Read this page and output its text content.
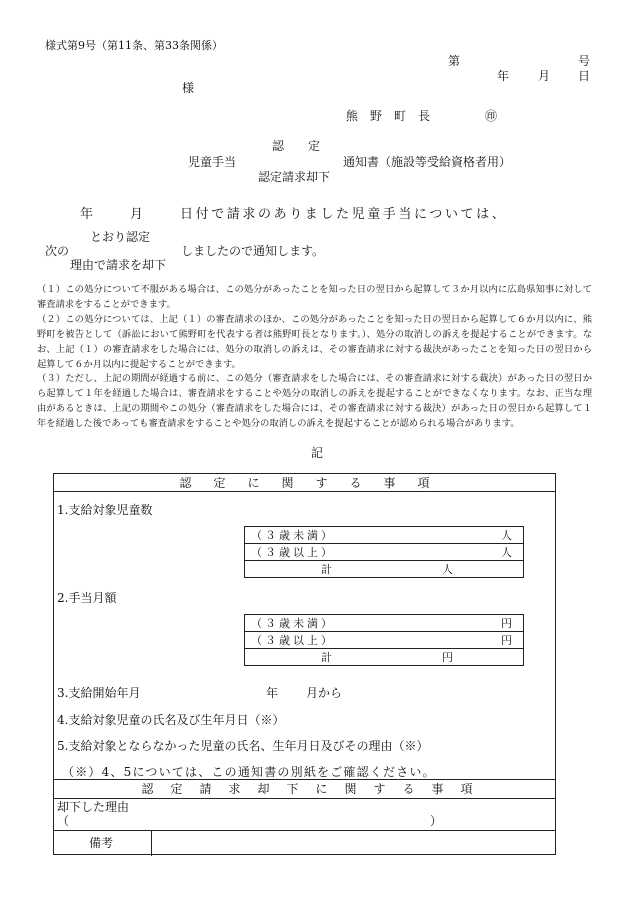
様式第9号（第11条、第33条関係）
第	号
年 月 日
様
熊　野　町　長	㊞
認　　定
児童手当	通知書（施設等受給資格者用）
認定請求却下
年	月	日付で請求のありました児童手当については、
とおり認定
次の	しましたので通知します。
理由で請求を却下

（１）この処分について不服がある場合は、この処分があったことを知った日の翌日から起算して３か月以内に広島県知事に対して審査請求をすることができます。

（２）この処分については、上記（１）の審査請求のほか、この処分があったことを知った日の翌日から起算して６か月以内に、熊野町を被告として（訴訟において熊野町を代表する者は熊野町長となります。）、処分の取消しの訴えを提起することができます。なお、上記（１）の審査請求をした場合には、処分の取消しの訴えは、その審査請求に対する裁決があったことを知った日の翌日から起算して６か月以内に提起することができます。

（３）ただし、上記の期間が経過する前に、この処分（審査請求をした場合には、その審査請求に対する裁決）があった日の翌日から起算して１年を経過した場合は、審査請求をすることや処分の取消しの訴えを提起することができなくなります。なお、正当な理由があるときは、上記の期間やこの処分（審査請求をした場合には、その審査請求に対する裁決）があった日の翌日から起算して１年を経過した後であっても審査請求をすることや処分の取消しの訴えを提起することが認められる場合があります。

記
認定に関する事項
1.支給対象児童数
（３歳未満）	人

（３歳以上）	人

計	人
2.手当月額
（３歳未満）	円

（３歳以上）	円

計	円
3.支給開始年月	年 月から
4.支給対象児童の氏名及び生年月日（※）
5.支給対象とならなかった児童の氏名、生年月日及びその理由（※）
（※）4、5については、この通知書の別紙をご確認ください。
認定請求却下に関する事項
却下した理由
（	）
備考
